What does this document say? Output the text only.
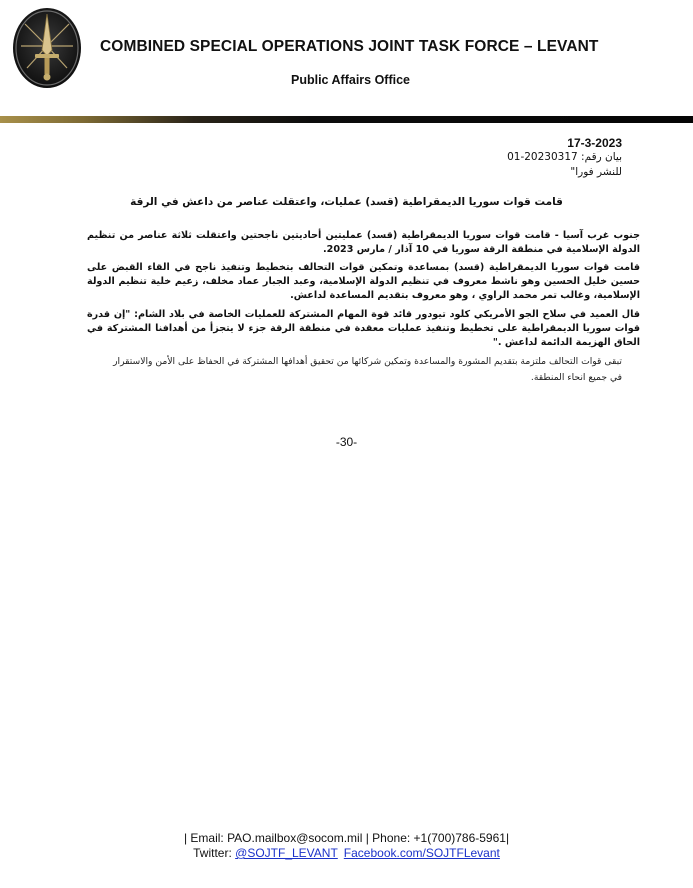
COMBINED SPECIAL OPERATIONS JOINT TASK FORCE – LEVANT
Public Affairs Office
17-3-2023
بيان رقم: 20230317-01
للنشر فورا"
قامت قوات سوريا الديمقراطية (قسد) عمليات، واعتقلت عناصر من داعش في الرقة
جنوب غرب آسيا - قامت قوات سوريا الديمقراطية (قسد) عمليتين أحاديتين ناجحتين واعتقلت ثلاثة عناصر من تنظيم الدولة الإسلامية في منطقة الرقة سوريا في 10 آذار / مارس 2023.
قامت قوات سوريا الديمقراطية (قسد) بمساعدة وتمكين قوات التحالف بتخطيط وتنفيذ ناجح في القاء القبض على حسين خليل الحسين وهو ناشط معروف في تنظيم الدولة الإسلامية، وعبد الجبار عماد مخلف، زعيم خلية تنظيم الدولة الإسلامية، وغالب تمر محمد الراوي ، وهو معروف بتقديم المساعدة لداعش.
قال العميد في سلاح الجو الأمريكي كلود تيودور قائد قوة المهام المشتركة للعمليات الخاصة في بلاد الشام: "إن قدرة قوات سوريا الديمقراطية على تخطيط وتنفيذ عمليات معقدة في منطقة الرقة جزء لا يتجزأ من أهدافنا المشتركة في الحاق الهزيمة الدائمة لداعش ."
تبقى قوات التحالف ملتزمة بتقديم المشورة والمساعدة وتمكين شركائها من تحقيق أهدافها المشتركة في الحفاظ على الأمن والاستقرار في جميع انحاء المنطقة.
-30-
| Email: PAO.mailbox@socom.mil | Phone: +1(700)786-5961|
Twitter: @SOJTF_LEVANT Facebook.com/SOJTFLevant
